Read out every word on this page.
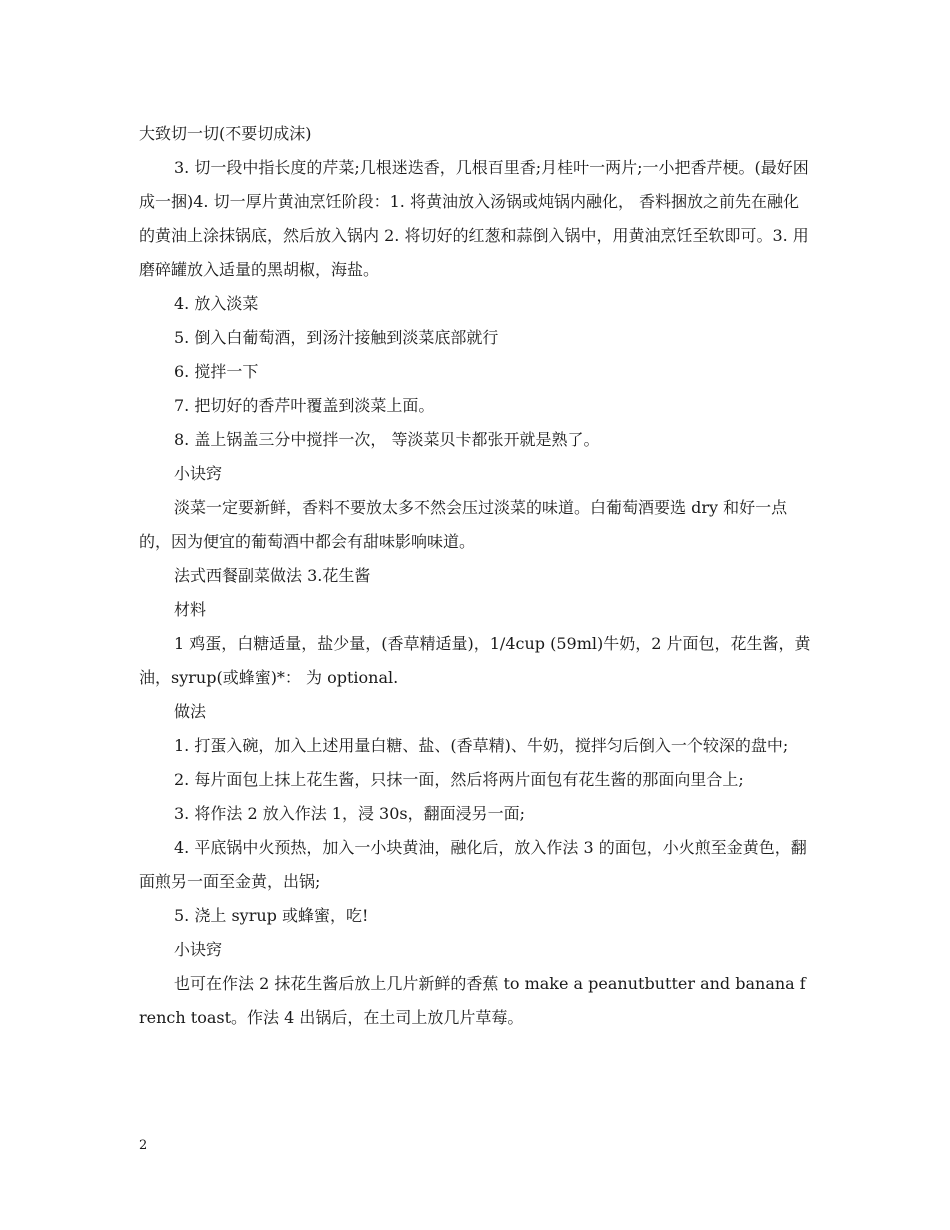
大致切一切(不要切成沫)

3. 切一段中指长度的芹菜;几根迷迭香，几根百里香;月桂叶一两片;一小把香芹梗。(最好困成一捆)4. 切一厚片黄油烹饪阶段：1. 将黄油放入汤锅或炖锅内融化， 香料捆放之前先在融化的黄油上涂抹锅底，然后放入锅内 2. 将切好的红葱和蒜倒入锅中，用黄油烹饪至软即可。3. 用磨碎罐放入适量的黑胡椒，海盐。

4. 放入淡菜

5. 倒入白葡萄酒，到汤汁接触到淡菜底部就行

6. 搅拌一下

7. 把切好的香芹叶覆盖到淡菜上面。

8. 盖上锅盖三分中搅拌一次， 等淡菜贝卡都张开就是熟了。

小诀窍

淡菜一定要新鲜，香料不要放太多不然会压过淡菜的味道。白葡萄酒要选 dry 和好一点的，因为便宜的葡萄酒中都会有甜味影响味道。

法式西餐副菜做法 3.花生酱

材料

1 鸡蛋，白糖适量，盐少量，(香草精适量)，1/4cup (59ml)牛奶，2 片面包，花生酱，黄油，syrup(或蜂蜜)*： 为 optional.

做法

1. 打蛋入碗，加入上述用量白糖、盐、(香草精)、牛奶，搅拌匀后倒入一个较深的盘中;

2. 每片面包上抹上花生酱，只抹一面，然后将两片面包有花生酱的那面向里合上;

3. 将作法 2 放入作法 1，浸 30s，翻面浸另一面;

4. 平底锅中火预热，加入一小块黄油，融化后，放入作法 3 的面包，小火煎至金黄色，翻面煎另一面至金黄，出锅;

5. 浇上 syrup 或蜂蜜，吃!

小诀窍

也可在作法 2 抹花生酱后放上几片新鲜的香蕉 to make a peanutbutter and banana french toast。作法 4 出锅后，在土司上放几片草莓。

2
